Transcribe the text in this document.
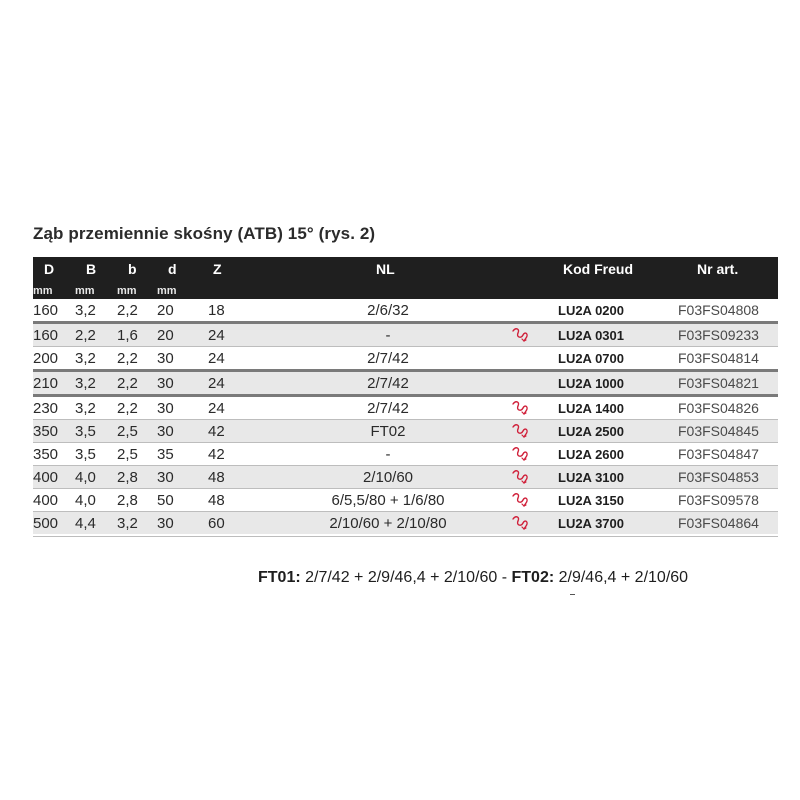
Ząb przemiennie skośny (ATB) 15° (rys. 2)
D B b d	Z	NL	Kod Freud	Nr art.
mm mm mm mm
160 3,2 2,2 20 18	2/6/32	LU2A 0200	F03FS04808
160 2,2 1,6 20 24	-	LU2A 0301	F03FS09233
200 3,2 2,2 30 24	2/7/42	LU2A 0700	F03FS04814
210 3,2 2,2 30 24	2/7/42	LU2A 1000	F03FS04821
230 3,2 2,2 30 24	2/7/42	LU2A 1400	F03FS04826
350 3,5 2,5 30 42	FT02	LU2A 2500	F03FS04845
350 3,5 2,5 35 42	-	LU2A 2600	F03FS04847
400 4,0 2,8 30 48	2/10/60	LU2A 3100	F03FS04853
400 4,0 2,8 50 48	6/5,5/80 + 1/6/80	LU2A 3150	F03FS09578
500 4,4 3,2 30 60	2/10/60 + 2/10/80	LU2A 3700	F03FS04864
FT01: 2/7/42 + 2/9/46,4 + 2/10/60 - FT02: 2/9/46,4 + 2/10/60
